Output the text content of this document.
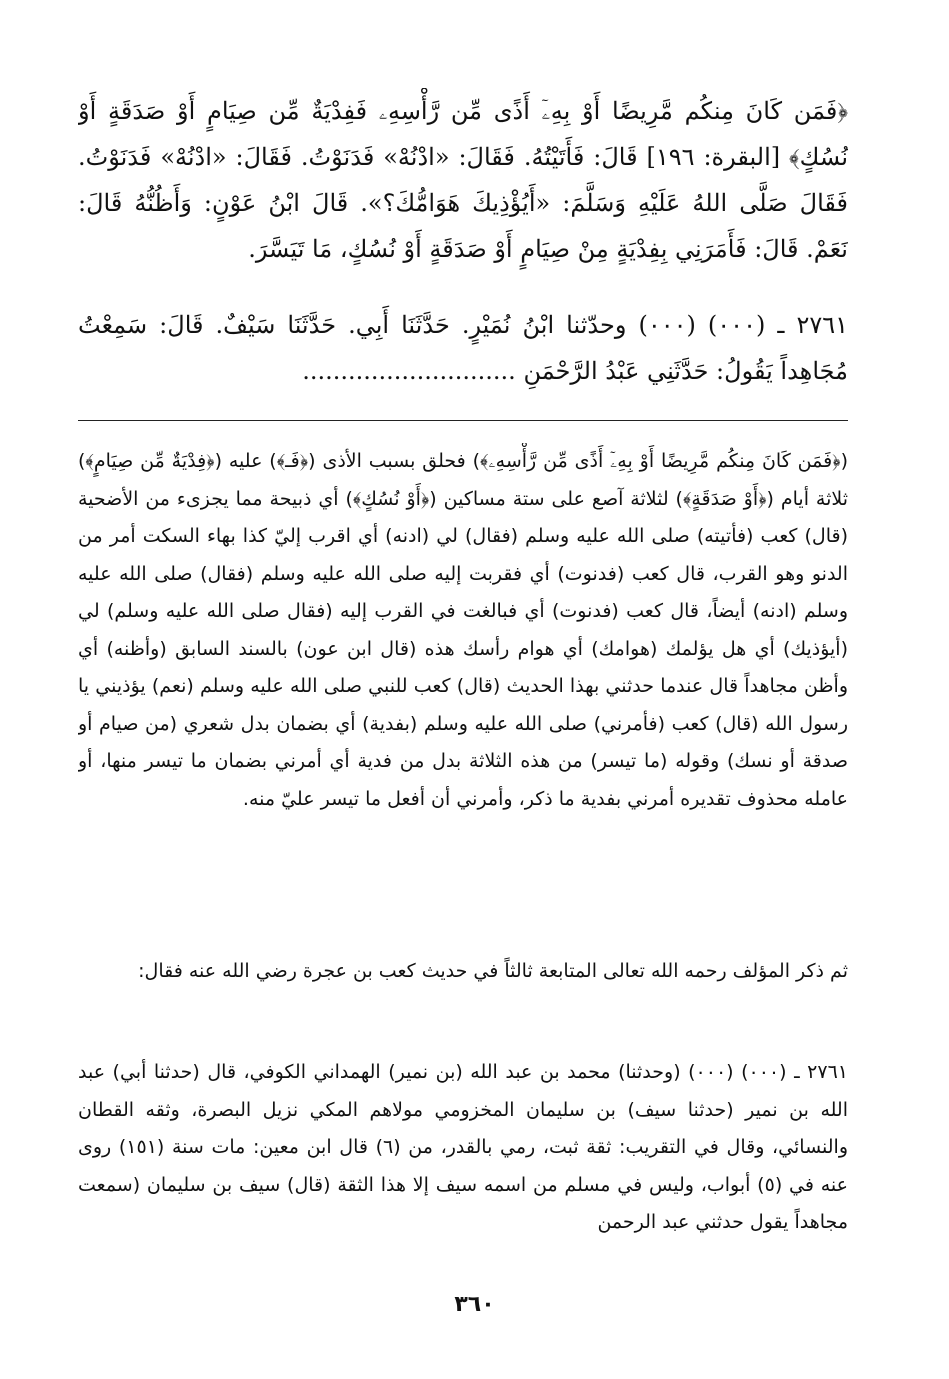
﴿فَمَن كَانَ مِنكُم مَّرِيضًا أَوْ بِهِۦٓ أَذًى مِّن رَّأْسِهِۦ فَفِدْيَةٌ مِّن صِيَامٍ أَوْ صَدَقَةٍ أَوْ نُسُكٍ﴾ [البقرة: ١٩٦] قَالَ: فَأَتَيْتُهُ. فَقَالَ: «ادْنُهْ» فَدَنَوْتُ. فَقَالَ: «ادْنُهْ» فَدَنَوْتُ. فَقَالَ صَلَّى اللهُ عَلَيْهِ وَسَلَّمَ: «أَيُؤْذِيكَ هَوَامُّكَ؟». قَالَ ابْنُ عَوْنٍ: وَأَظُنُّهُ قَالَ: نَعَمْ. قَالَ: فَأَمَرَنِي بِفِدْيَةٍ مِنْ صِيَامٍ أَوْ صَدَقَةٍ أَوْ نُسُكٍ، مَا تَيَسَّرَ.

٢٧٦١ ـ (٠٠٠) (٠٠٠) وحدّثنا ابْنُ نُمَيْرٍ. حَدَّثَنَا أَبِي. حَدَّثَنَا سَيْفٌ. قَالَ: سَمِعْتُ مُجَاهِداً يَقُولُ: حَدَّثَنِي عَبْدُ الرَّحْمَنِ ............................

(﴿فَمَن كَانَ مِنكُم مَّرِيضًا أَوْ بِهِۦٓ أَذًى مِّن رَّأْسِهِۦ﴾) فحلق بسبب الأذى (﴿فَـ﴾) عليه (﴿فِدْيَةٌ مِّن صِيَامٍ﴾) ثلاثة أيام (﴿أَوْ صَدَقَةٍ﴾) لثلاثة آصع على ستة مساكين (﴿أَوْ نُسُكٍ﴾) أي ذبيحة مما يجزىء من الأضحية (قال) كعب (فأتيته) صلى الله عليه وسلم (فقال) لي (ادنه) أي اقرب إليّ كذا بهاء السكت أمر من الدنو وهو القرب، قال كعب (فدنوت) أي فقربت إليه صلى الله عليه وسلم (فقال) صلى الله عليه وسلم (ادنه) أيضاً، قال كعب (فدنوت) أي فبالغت في القرب إليه (فقال صلى الله عليه وسلم) لي (أيؤذيك) أي هل يؤلمك (هوامك) أي هوام رأسك هذه (قال ابن عون) بالسند السابق (وأظنه) أي وأظن مجاهداً قال عندما حدثني بهذا الحديث (قال) كعب للنبي صلى الله عليه وسلم (نعم) يؤذيني يا رسول الله (قال) كعب (فأمرني) صلى الله عليه وسلم (بفدية) أي بضمان بدل شعري (من صيام أو صدقة أو نسك) وقوله (ما تيسر) من هذه الثلاثة بدل من فدية أي أمرني بضمان ما تيسر منها، أو عامله محذوف تقديره أمرني بفدية ما ذكر، وأمرني أن أفعل ما تيسر عليّ منه.

ثم ذكر المؤلف رحمه الله تعالى المتابعة ثالثاً في حديث كعب بن عجرة رضي الله عنه فقال:

٢٧٦١ ـ (٠٠٠) (٠٠٠) (وحدثنا) محمد بن عبد الله (بن نمير) الهمداني الكوفي، قال (حدثنا أبي) عبد الله بن نمير (حدثنا سيف) بن سليمان المخزومي مولاهم المكي نزيل البصرة، وثقه القطان والنسائي، وقال في التقريب: ثقة ثبت، رمي بالقدر، من (٦) قال ابن معين: مات سنة (١٥١) روى عنه في (٥) أبواب، وليس في مسلم من اسمه سيف إلا هذا الثقة (قال) سيف بن سليمان (سمعت مجاهداً يقول حدثني عبد الرحمن

٣٦٠
